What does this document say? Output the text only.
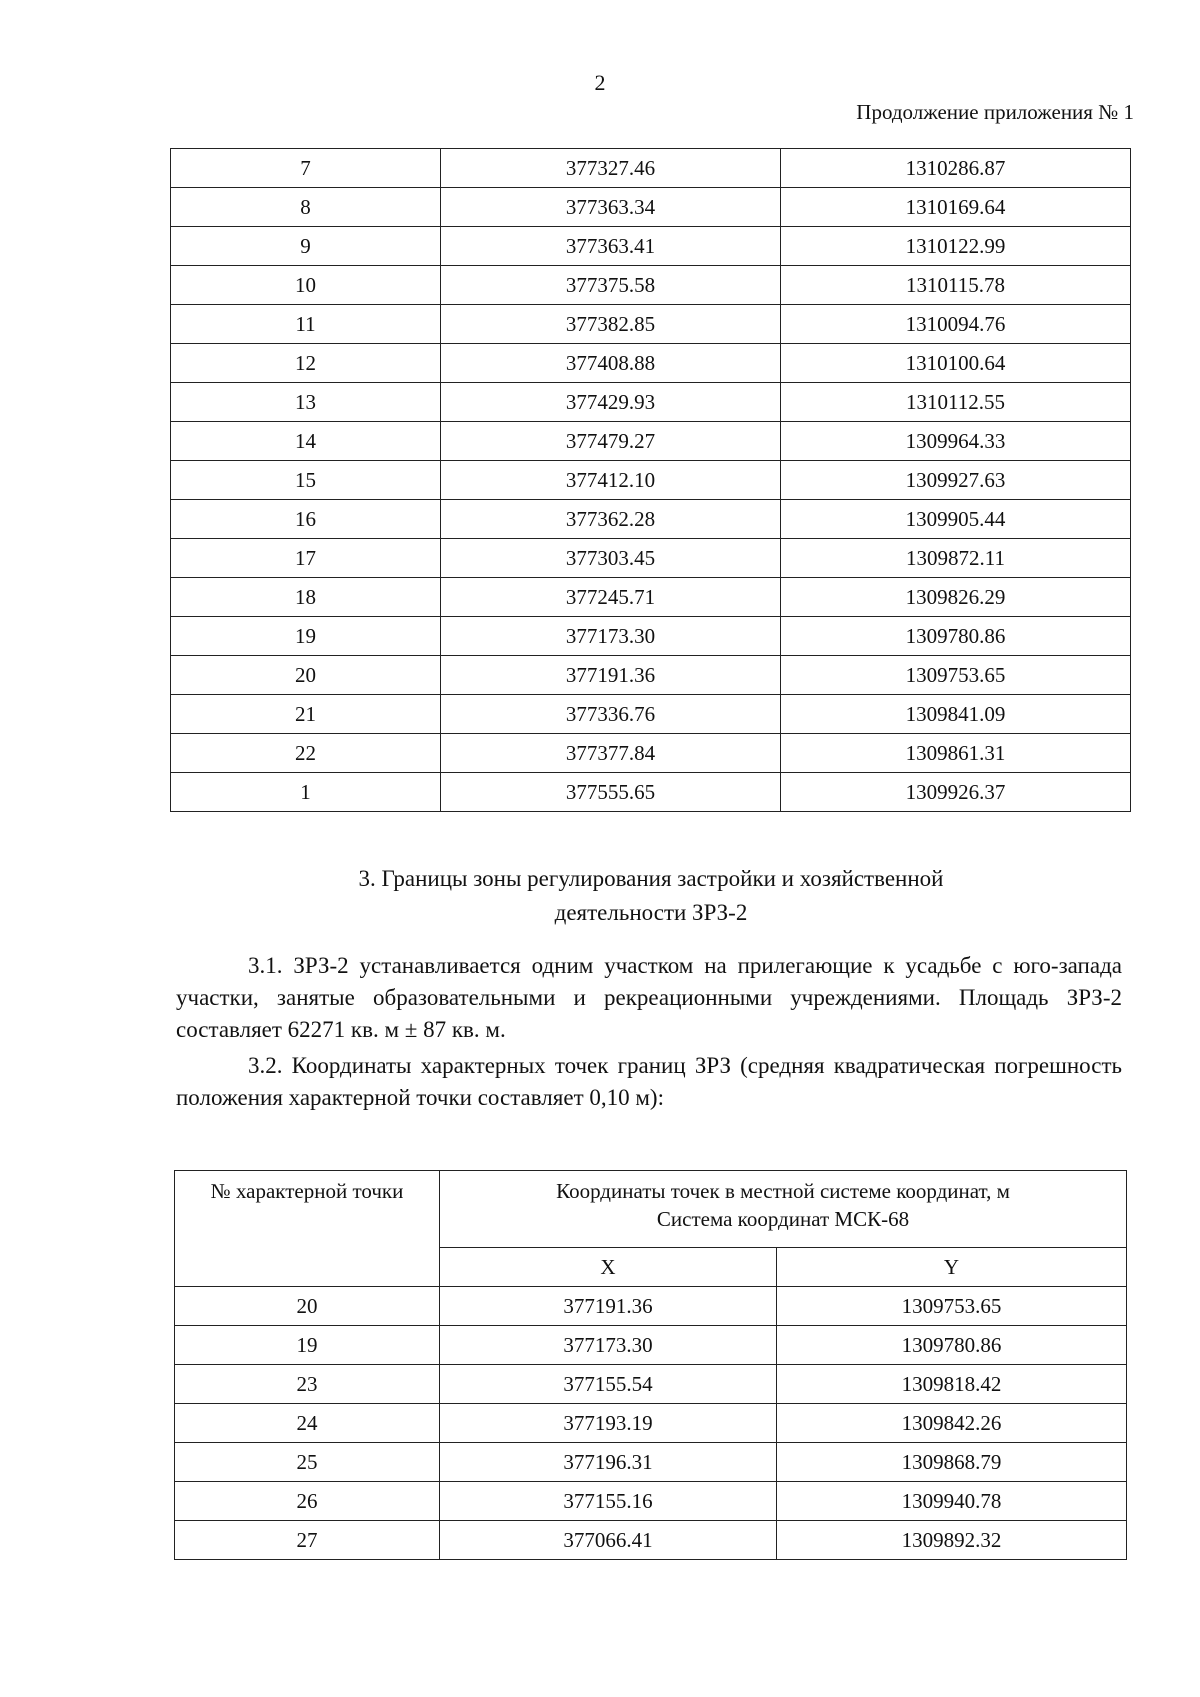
2
Продолжение приложения № 1
7	377327.46	1310286.87
8	377363.34	1310169.64
9	377363.41	1310122.99
10	377375.58	1310115.78
11	377382.85	1310094.76
12	377408.88	1310100.64
13	377429.93	1310112.55
14	377479.27	1309964.33
15	377412.10	1309927.63
16	377362.28	1309905.44
17	377303.45	1309872.11
18	377245.71	1309826.29
19	377173.30	1309780.86
20	377191.36	1309753.65
21	377336.76	1309841.09
22	377377.84	1309861.31
1	377555.65	1309926.37
3. Границы зоны регулирования застройки и хозяйственной
деятельности ЗРЗ-2

3.1. ЗРЗ-2 устанавливается одним участком на прилегающие к усадьбе с юго-запада участки, занятые образовательными и рекреационными учреждениями. Площадь ЗРЗ-2 составляет 62271 кв. м ± 87 кв. м.

3.2. Координаты характерных точек границ ЗРЗ (средняя квадратическая погрешность положения характерной точки составляет 0,10 м):

№ характерной точки	Координаты точек в местной системе координат, м
Система координат МСК-68	
	X	Y
20	377191.36	1309753.65
19	377173.30	1309780.86
23	377155.54	1309818.42
24	377193.19	1309842.26
25	377196.31	1309868.79
26	377155.16	1309940.78
27	377066.41	1309892.32
